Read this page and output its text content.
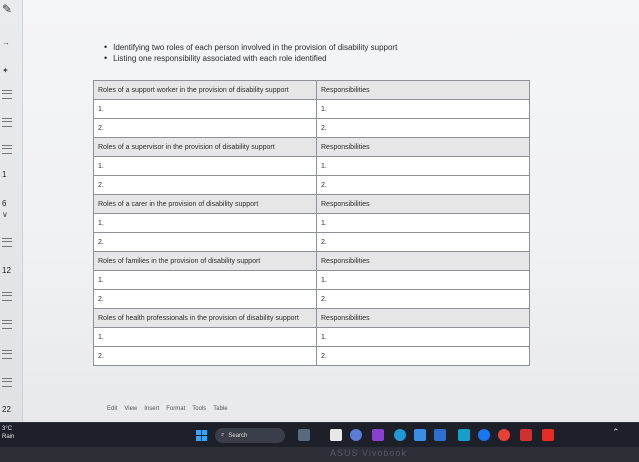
✎
→
✦
1
6
∨
12
22
• Identifying two roles of each person involved in the provision of disability support
• Listing one responsibility associated with each role identified
Roles of a support worker in the provision of disability support	Responsibilities
1.	1.
2.	2.
Roles of a supervisor in the provision of disability support	Responsibilities
1.	1.
2.	2.
Roles of a carer in the provision of disability support	Responsibilities
1.	1.
2.	2.
Roles of families in the provision of disability support	Responsibilities
1.	1.
2.	2.
Roles of health professionals in the provision of disability support	Responsibilities
1.	1.
2.	2.
Edit View Insert Format Tools Table
3°C
Rain	⌕ Search	⌃
ASUS Vivobook
